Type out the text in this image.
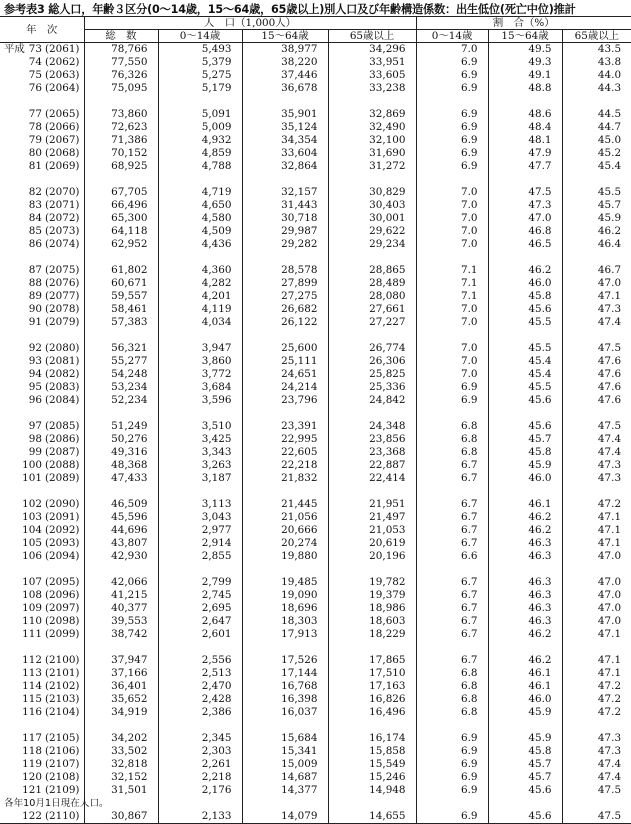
参考表3 総人口，年齢３区分(0～14歳，15～64歳，65歳以上)別人口及び年齢構造係数：出生低位(死亡中位)推計
年　次	人　口（1,000人）				割　合（%）		
	総　数	0～14歳	15～64歳	65歳以上	0～14歳	15～64歳	65歳以上

平成 73 (2061)	78,766	5,493	38,977	34,296	7.0	49.5	43.5

74 (2062)	77,550	5,379	38,220	33,951	6.9	49.3	43.8

75 (2063)	76,326	5,275	37,446	33,605	6.9	49.1	44.0

76 (2064)	75,095	5,179	36,678	33,238	6.9	48.8	44.3

77 (2065)	73,860	5,091	35,901	32,869	6.9	48.6	44.5

78 (2066)	72,623	5,009	35,124	32,490	6.9	48.4	44.7

79 (2067)	71,386	4,932	34,354	32,100	6.9	48.1	45.0

80 (2068)	70,152	4,859	33,604	31,690	6.9	47.9	45.2

81 (2069)	68,925	4,788	32,864	31,272	6.9	47.7	45.4

82 (2070)	67,705	4,719	32,157	30,829	7.0	47.5	45.5

83 (2071)	66,496	4,650	31,443	30,403	7.0	47.3	45.7

84 (2072)	65,300	4,580	30,718	30,001	7.0	47.0	45.9

85 (2073)	64,118	4,509	29,987	29,622	7.0	46.8	46.2

86 (2074)	62,952	4,436	29,282	29,234	7.0	46.5	46.4

87 (2075)	61,802	4,360	28,578	28,865	7.1	46.2	46.7

88 (2076)	60,671	4,282	27,899	28,489	7.1	46.0	47.0

89 (2077)	59,557	4,201	27,275	28,080	7.1	45.8	47.1

90 (2078)	58,461	4,119	26,682	27,661	7.0	45.6	47.3

91 (2079)	57,383	4,034	26,122	27,227	7.0	45.5	47.4

92 (2080)	56,321	3,947	25,600	26,774	7.0	45.5	47.5

93 (2081)	55,277	3,860	25,111	26,306	7.0	45.4	47.6

94 (2082)	54,248	3,772	24,651	25,825	7.0	45.4	47.6

95 (2083)	53,234	3,684	24,214	25,336	6.9	45.5	47.6

96 (2084)	52,234	3,596	23,796	24,842	6.9	45.6	47.6

97 (2085)	51,249	3,510	23,391	24,348	6.8	45.6	47.5

98 (2086)	50,276	3,425	22,995	23,856	6.8	45.7	47.4

99 (2087)	49,316	3,343	22,605	23,368	6.8	45.8	47.4

100 (2088)	48,368	3,263	22,218	22,887	6.7	45.9	47.3

101 (2089)	47,433	3,187	21,832	22,414	6.7	46.0	47.3

102 (2090)	46,509	3,113	21,445	21,951	6.7	46.1	47.2

103 (2091)	45,596	3,043	21,056	21,497	6.7	46.2	47.1

104 (2092)	44,696	2,977	20,666	21,053	6.7	46.2	47.1

105 (2093)	43,807	2,914	20,274	20,619	6.7	46.3	47.1

106 (2094)	42,930	2,855	19,880	20,196	6.6	46.3	47.0

107 (2095)	42,066	2,799	19,485	19,782	6.7	46.3	47.0

108 (2096)	41,215	2,745	19,090	19,379	6.7	46.3	47.0

109 (2097)	40,377	2,695	18,696	18,986	6.7	46.3	47.0

110 (2098)	39,553	2,647	18,303	18,603	6.7	46.3	47.0

111 (2099)	38,742	2,601	17,913	18,229	6.7	46.2	47.1

112 (2100)	37,947	2,556	17,526	17,865	6.7	46.2	47.1

113 (2101)	37,166	2,513	17,144	17,510	6.8	46.1	47.1

114 (2102)	36,401	2,470	16,768	17,163	6.8	46.1	47.2

115 (2103)	35,652	2,428	16,398	16,826	6.8	46.0	47.2

116 (2104)	34,919	2,386	16,037	16,496	6.8	45.9	47.2

117 (2105)	34,202	2,345	15,684	16,174	6.9	45.9	47.3

118 (2106)	33,502	2,303	15,341	15,858	6.9	45.8	47.3

119 (2107)	32,818	2,261	15,009	15,549	6.9	45.7	47.4

120 (2108)	32,152	2,218	14,687	15,246	6.9	45.7	47.4

121 (2109)	31,501	2,176	14,377	14,948	6.9	45.6	47.5

122 (2110)	30,867	2,133	14,079	14,655	6.9	45.6	47.5
各年10月1日現在人口。
